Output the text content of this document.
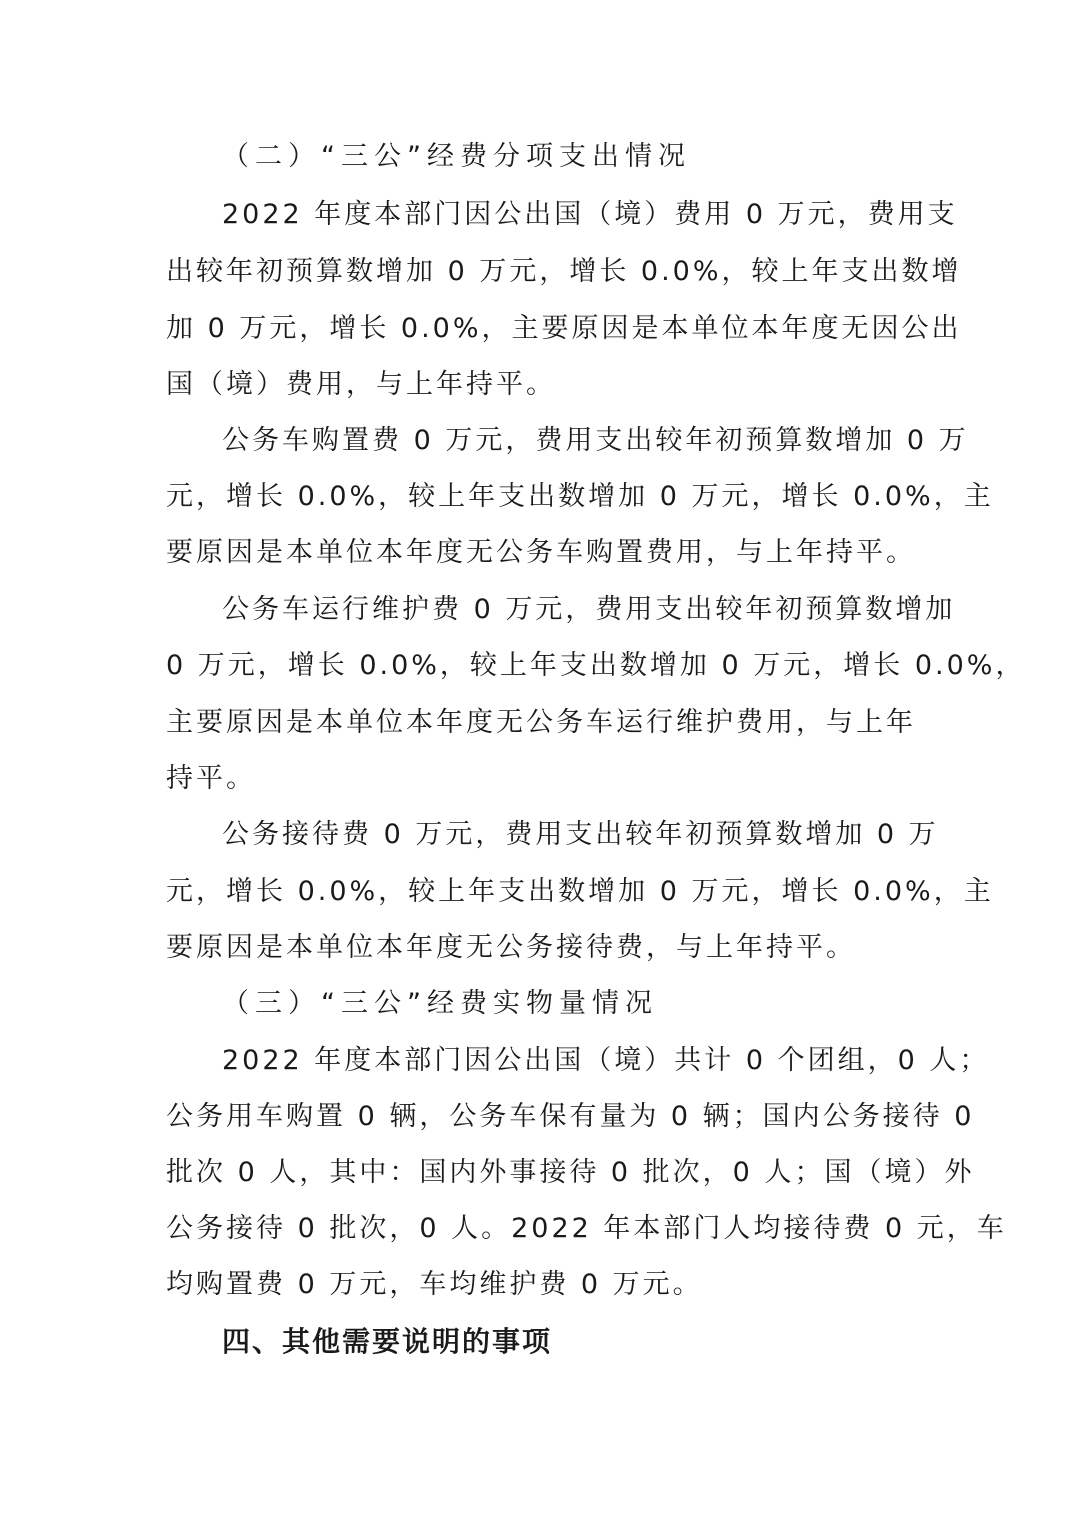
（二）“三公”经费分项支出情况
2022 年度本部门因公出国（境）费用 0 万元，费用支
出较年初预算数增加 0 万元，增长 0.0%，较上年支出数增
加 0 万元，增长 0.0%，主要原因是本单位本年度无因公出
国（境）费用，与上年持平。
公务车购置费 0 万元，费用支出较年初预算数增加 0 万
元，增长 0.0%，较上年支出数增加 0 万元，增长 0.0%，主
要原因是本单位本年度无公务车购置费用，与上年持平。
公务车运行维护费 0 万元，费用支出较年初预算数增加
0 万元，增长 0.0%，较上年支出数增加 0 万元，增长 0.0%，
主要原因是本单位本年度无公务车运行维护费用，与上年
持平。
公务接待费 0 万元，费用支出较年初预算数增加 0 万
元，增长 0.0%，较上年支出数增加 0 万元，增长 0.0%，主
要原因是本单位本年度无公务接待费，与上年持平。
（三）“三公”经费实物量情况
2022 年度本部门因公出国（境）共计 0 个团组，0 人；
公务用车购置 0 辆，公务车保有量为 0 辆；国内公务接待 0
批次 0 人，其中：国内外事接待 0 批次，0 人；国（境）外
公务接待 0 批次，0 人。2022 年本部门人均接待费 0 元，车
均购置费 0 万元，车均维护费 0 万元。
四、其他需要说明的事项
